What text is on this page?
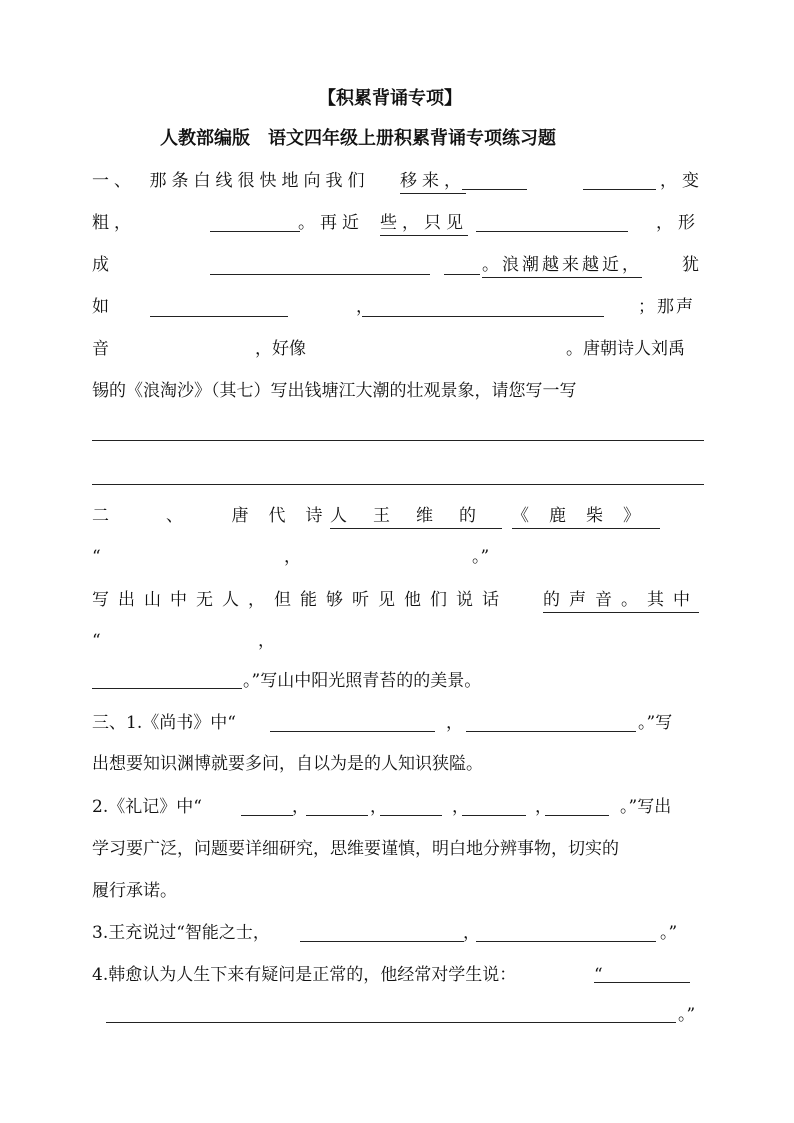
【积累背诵专项】
人教部编版　语文四年级上册积累背诵专项练习题
一、　那条白线很快地向我们 移来，	，变
粗，	。再近 些，只见	，形
成	。浪潮越来越近， 犹
如	，	；那声
音	，好像	。唐朝诗人刘禹
锡的《浪淘沙》（其七）写出钱塘江大潮的壮观景象，请您写一写
二　、　唐代诗
人王维的 《鹿柴》
“	，	。”
写出山中无人，但能够听见他们说话 的声音。其中
“	，
。”写山中阳光照青苔的的美景。
三、1.《尚书》中“	，	。”写
出想要知识渊博就要多问，自以为是的人知识狭隘。
2.《礼记》中“	，	，	，	，	。”写出
学习要广泛，问题要详细研究，思维要谨慎，明白地分辨事物，切实的
履行承诺。
3.王充说过“智能之士，	，	。”
4.韩愈认为人生下来有疑问是正常的，他经常对学生说：	“
。”
